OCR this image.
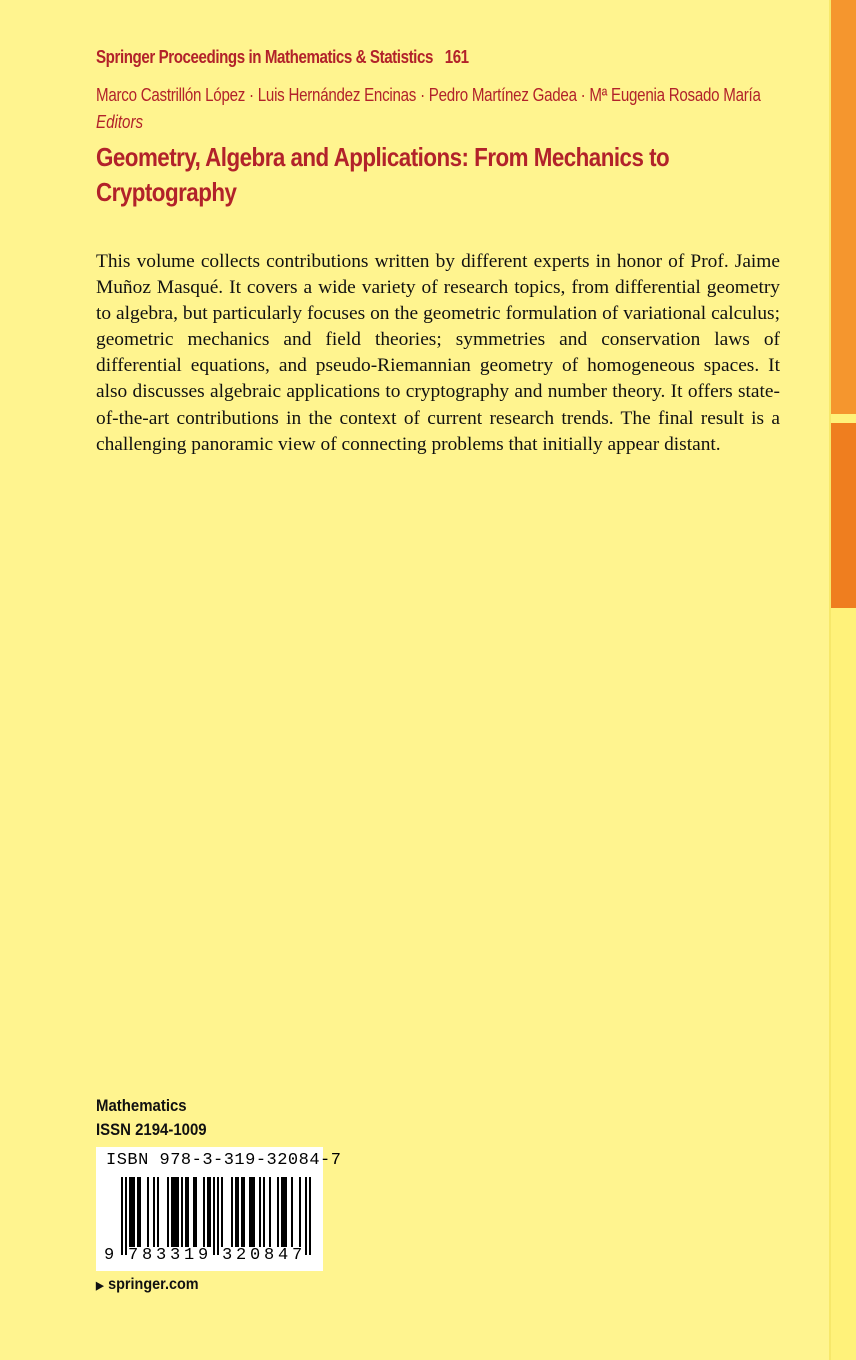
Springer Proceedings in Mathematics & Statistics 161
Marco Castrillón López · Luis Hernández Encinas · Pedro Martínez Gadea · Mª Eugenia Rosado María
Editors
Geometry, Algebra and Applications: From Mechanics to Cryptography

This volume collects contributions written by different experts in honor of Prof. Jaime Muñoz Masqué. It covers a wide variety of research topics, from differential geometry to algebra, but particularly focuses on the geometric formulation of variational calculus; geometric mechanics and field theories; symmetries and conservation laws of differential equations, and pseudo-Riemannian geometry of homogeneous spaces. It also discusses algebraic applications to cryptography and number theory. It offers state-of-the-art contributions in the context of current research trends. The final result is a challenging panoramic view of connecting problems that initially appear distant.

Mathematics
ISSN 2194-1009
ISBN 978-3-319-32084-7
9 7 8 3 3 1 9 3 2 0 8 4 7
▶ springer.com
